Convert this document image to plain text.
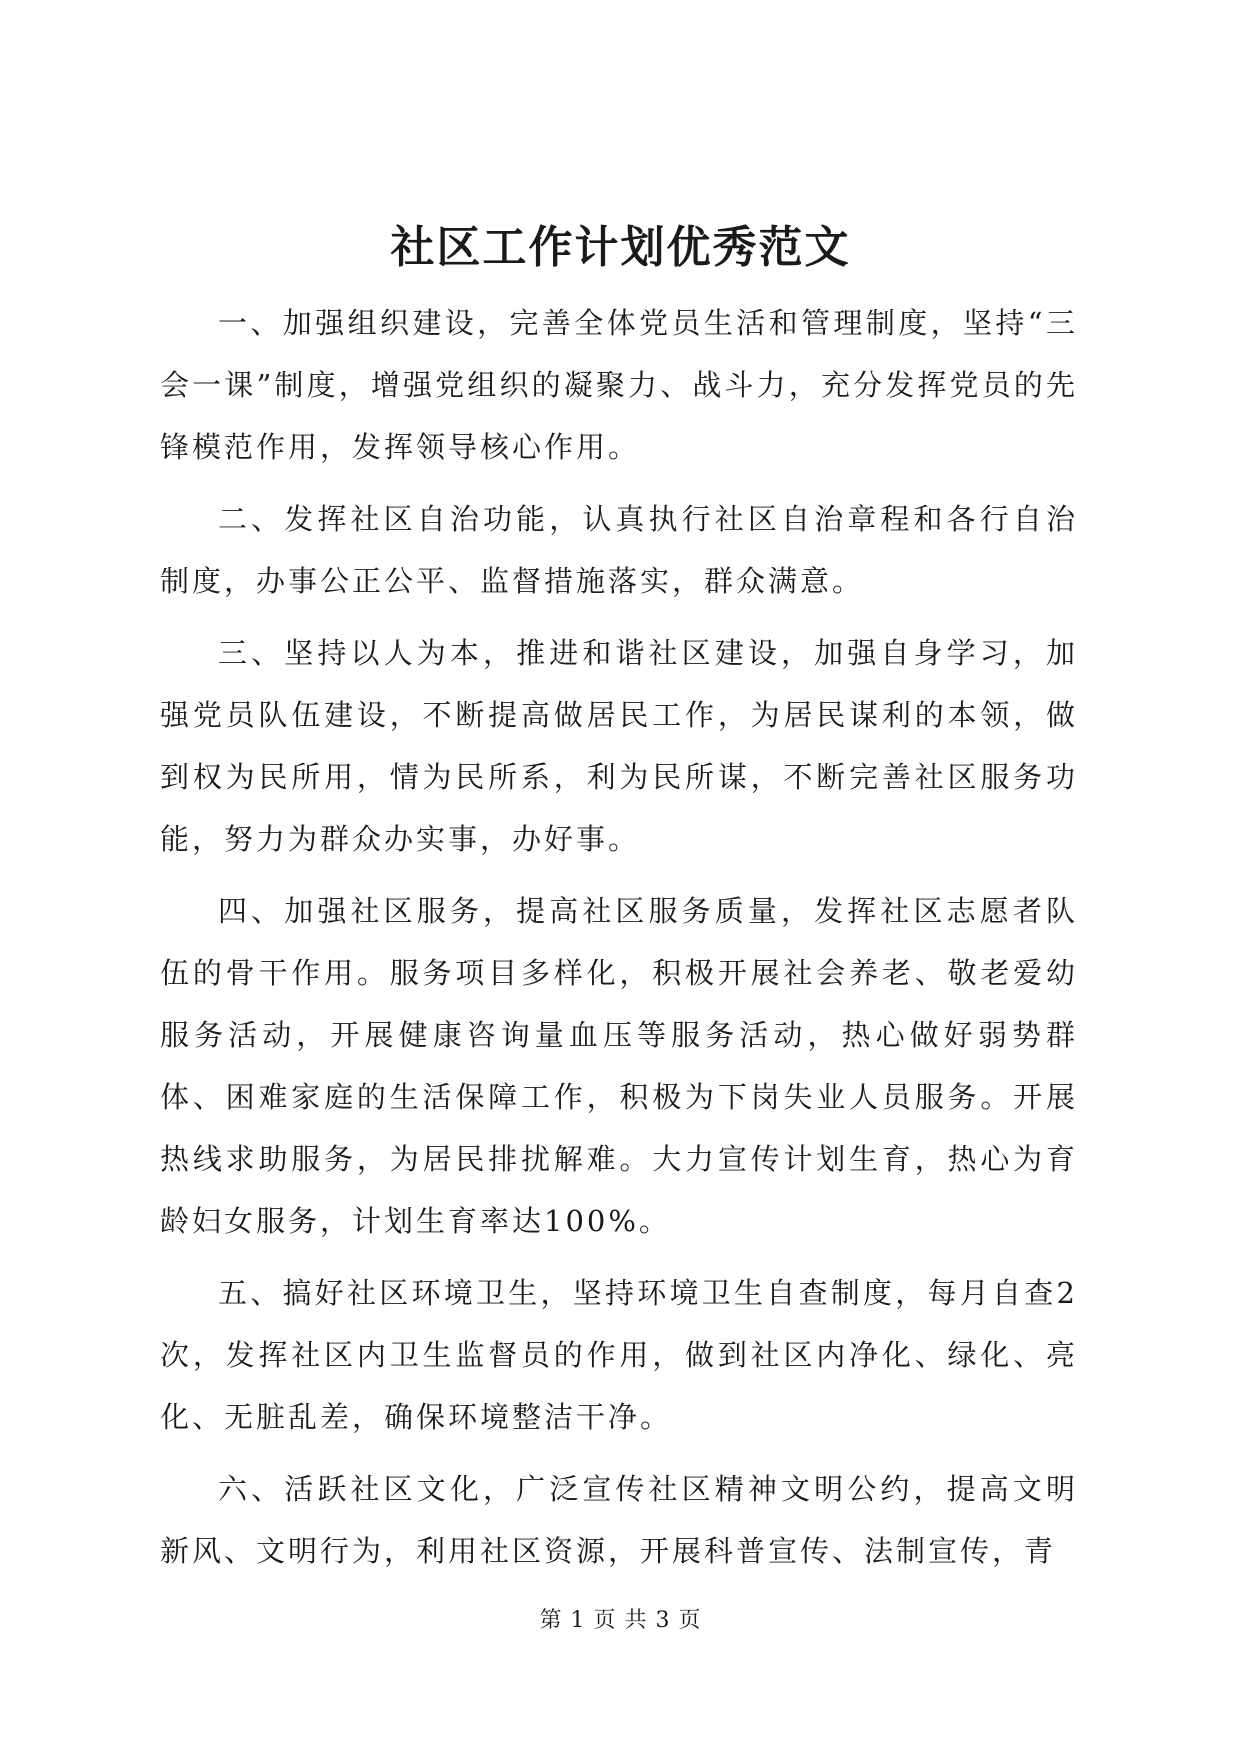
社区工作计划优秀范文

一、加强组织建设，完善全体党员生活和管理制度，坚持“三会一课”制度，增强党组织的凝聚力、战斗力，充分发挥党员的先锋模范作用，发挥领导核心作用。

二、发挥社区自治功能，认真执行社区自治章程和各行自治制度，办事公正公平、监督措施落实，群众满意。

三、坚持以人为本，推进和谐社区建设，加强自身学习，加强党员队伍建设，不断提高做居民工作，为居民谋利的本领，做到权为民所用，情为民所系，利为民所谋，不断完善社区服务功能，努力为群众办实事，办好事。

四、加强社区服务，提高社区服务质量，发挥社区志愿者队伍的骨干作用。服务项目多样化，积极开展社会养老、敬老爱幼服务活动，开展健康咨询量血压等服务活动，热心做好弱势群体、困难家庭的生活保障工作，积极为下岗失业人员服务。开展热线求助服务，为居民排扰解难。大力宣传计划生育，热心为育龄妇女服务，计划生育率达100%。

五、搞好社区环境卫生，坚持环境卫生自查制度，每月自查2次，发挥社区内卫生监督员的作用，做到社区内净化、绿化、亮化、无脏乱差，确保环境整洁干净。

六、活跃社区文化，广泛宣传社区精神文明公约，提高文明新风、文明行为，利用社区资源，开展科普宣传、法制宣传，青

第 1 页 共 3 页
